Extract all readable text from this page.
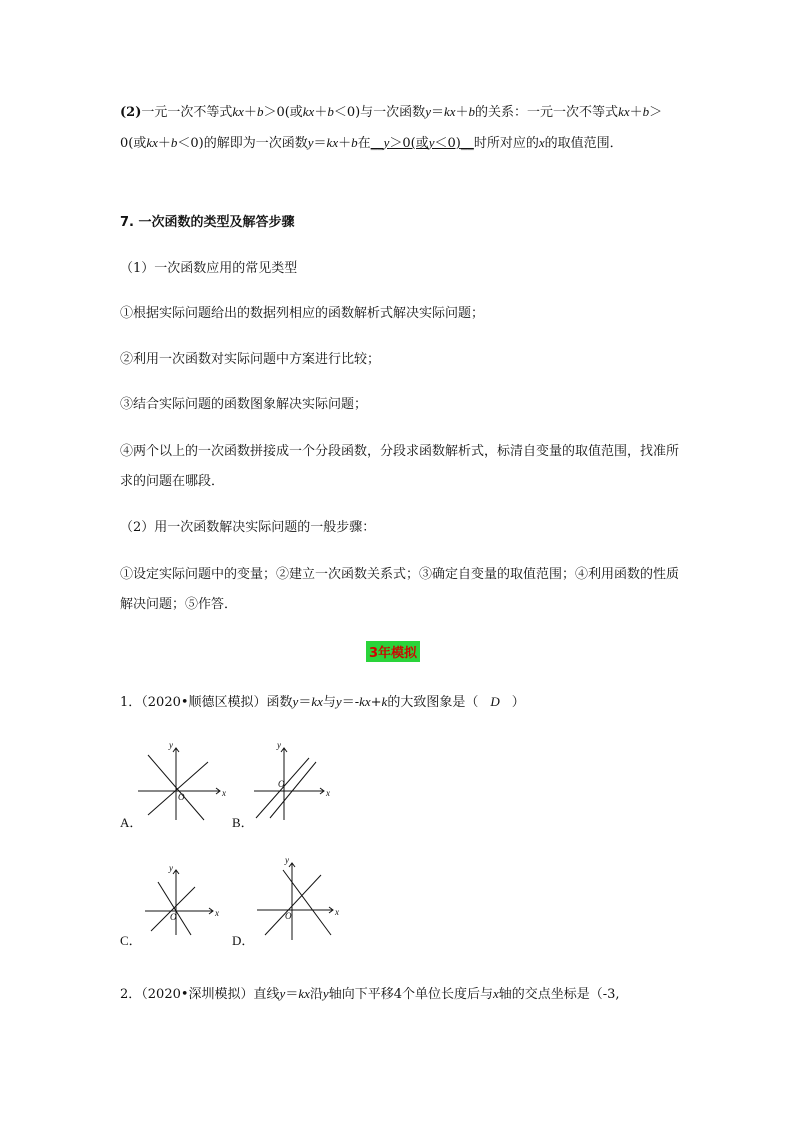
(2)一元一次不等式kx＋b＞0(或kx＋b＜0)与一次函数y＝kx＋b的关系：一元一次不等式kx＋b＞0(或kx＋b＜0)的解即为一次函数y＝kx＋b在__y＞0(或y＜0)__时所对应的x的取值范围．
7. 一次函数的类型及解答步骤
（1）一次函数应用的常见类型
①根据实际问题给出的数据列相应的函数解析式解决实际问题；
②利用一次函数对实际问题中方案进行比较；
③结合实际问题的函数图象解决实际问题；
④两个以上的一次函数拼接成一个分段函数，分段求函数解析式，标清自变量的取值范围，找准所求的问题在哪段．
（2）用一次函数解决实际问题的一般步骤：
①设定实际问题中的变量；②建立一次函数关系式；③确定自变量的取值范围；④利用函数的性质解决问题；⑤作答．
3年模拟
1．（2020•顺德区模拟）函数y＝kx与y＝-kx+k的大致图象是（ D ）
x
y
O
A．
x
y
O
B．
x
y
O
C．
x
y
O
D．
2．（2020•深圳模拟）直线y＝kx沿y轴向下平移4个单位长度后与x轴的交点坐标是（-3,
